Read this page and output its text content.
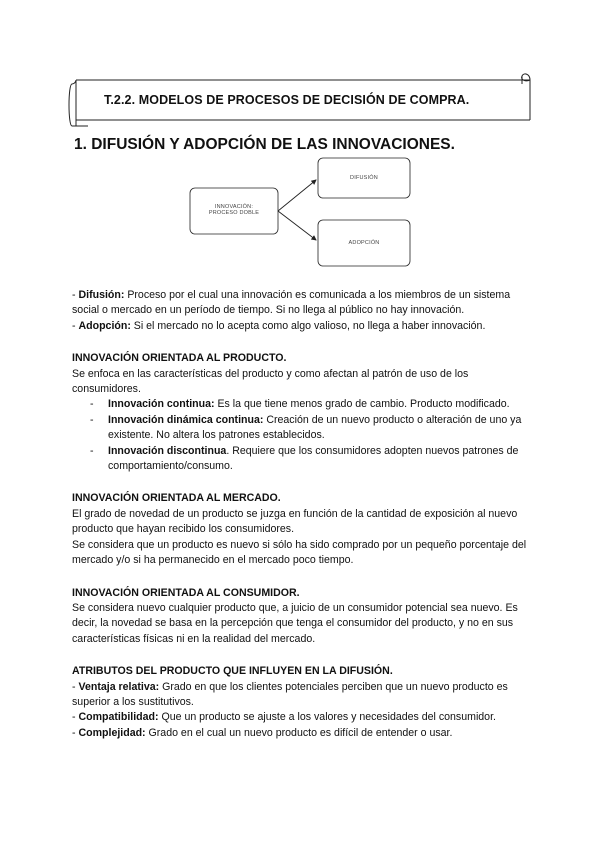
T.2.2. MODELOS DE PROCESOS DE DECISIÓN DE COMPRA.
1. DIFUSIÓN Y ADOPCIÓN DE LAS INNOVACIONES.
INNOVACIÓN:
PROCESO DOBLE
DIFUSIÓN
ADOPCIÓN

- Difusión: Proceso por el cual una innovación es comunicada a los miembros de un sistema social o mercado en un período de tiempo. Si no llega al público no hay innovación.

- Adopción: Si el mercado no lo acepta como algo valioso, no llega a haber innovación.

INNOVACIÓN ORIENTADA AL PRODUCTO.

Se enfoca en las características del producto y como afectan al patrón de uso de los consumidores.

- Innovación continua: Es la que tiene menos grado de cambio. Producto modificado.
- Innovación dinámica continua: Creación de un nuevo producto o alteración de uno ya existente. No altera los patrones establecidos.
- Innovación discontinua. Requiere que los consumidores adopten nuevos patrones de comportamiento/consumo.

INNOVACIÓN ORIENTADA AL MERCADO.

El grado de novedad de un producto se juzga en función de la cantidad de exposición al nuevo producto que hayan recibido los consumidores.

Se considera que un producto es nuevo si sólo ha sido comprado por un pequeño porcentaje del mercado y/o si ha permanecido en el mercado poco tiempo.

INNOVACIÓN ORIENTADA AL CONSUMIDOR.

Se considera nuevo cualquier producto que, a juicio de un consumidor potencial sea nuevo. Es decir, la novedad se basa en la percepción que tenga el consumidor del producto, y no en sus características físicas ni en la realidad del mercado.

ATRIBUTOS DEL PRODUCTO QUE INFLUYEN EN LA DIFUSIÓN.

- Ventaja relativa: Grado en que los clientes potenciales perciben que un nuevo producto es superior a los sustitutivos.

- Compatibilidad: Que un producto se ajuste a los valores y necesidades del consumidor.

- Complejidad: Grado en el cual un nuevo producto es difícil de entender o usar.
